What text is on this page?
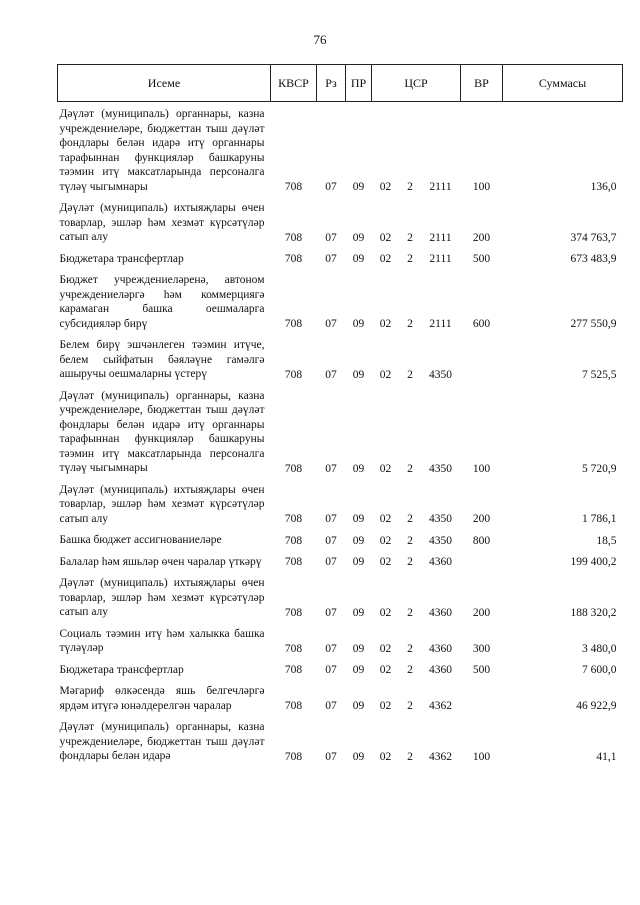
76
Исеме	КВСР	Рз	ПР	ЦСР			ВР	Суммасы
Дәүләт (муниципаль) органнары, казна учреждениеләре, бюджеттан тыш дәүләт фондлары белән идарә итү органнары тарафыннан функцияләр башкаруны тәэмин итү максатларында персоналга түләү чыгымнары	708	07	09	02	2	2111	100	136,0
Дәүләт (муниципаль) ихтыяҗлары өчен товарлар, эшләр һәм хезмәт күрсәтүләр сатып алу	708	07	09	02	2	2111	200	374 763,7
Бюджетара трансфертлар	708	07	09	02	2	2111	500	673 483,9
Бюджет учреждениеләренә, автоном учреждениеләргә һәм коммерциягә карамаган башка оешмаларга субсидияләр бирү	708	07	09	02	2	2111	600	277 550,9
Белем бирү эшчәнлеген тәэмин итүче, белем сыйфатын бәяләүне гамәлгә ашыручы оешмаларны үстерү	708	07	09	02	2	4350		7 525,5
Дәүләт (муниципаль) органнары, казна учреждениеләре, бюджеттан тыш дәүләт фондлары белән идарә итү органнары тарафыннан функцияләр башкаруны тәэмин итү максатларында персоналга түләү чыгымнары	708	07	09	02	2	4350	100	5 720,9
Дәүләт (муниципаль) ихтыяҗлары өчен товарлар, эшләр һәм хезмәт күрсәтүләр сатып алу	708	07	09	02	2	4350	200	1 786,1
Башка бюджет ассигнованиеләре	708	07	09	02	2	4350	800	18,5
Балалар һәм яшьләр өчен чаралар үткәрү	708	07	09	02	2	4360		199 400,2
Дәүләт (муниципаль) ихтыяҗлары өчен товарлар, эшләр һәм хезмәт күрсәтүләр сатып алу	708	07	09	02	2	4360	200	188 320,2
Социаль тәэмин итү һәм халыкка башка түләүләр	708	07	09	02	2	4360	300	3 480,0
Бюджетара трансфертлар	708	07	09	02	2	4360	500	7 600,0
Мәгариф өлкәсендә яшь белгечләргә ярдәм итүгә юнәлдерелгән чаралар	708	07	09	02	2	4362		46 922,9
Дәүләт (муниципаль) органнары, казна учреждениеләре, бюджеттан тыш дәүләт фондлары белән идарә	708	07	09	02	2	4362	100	41,1
